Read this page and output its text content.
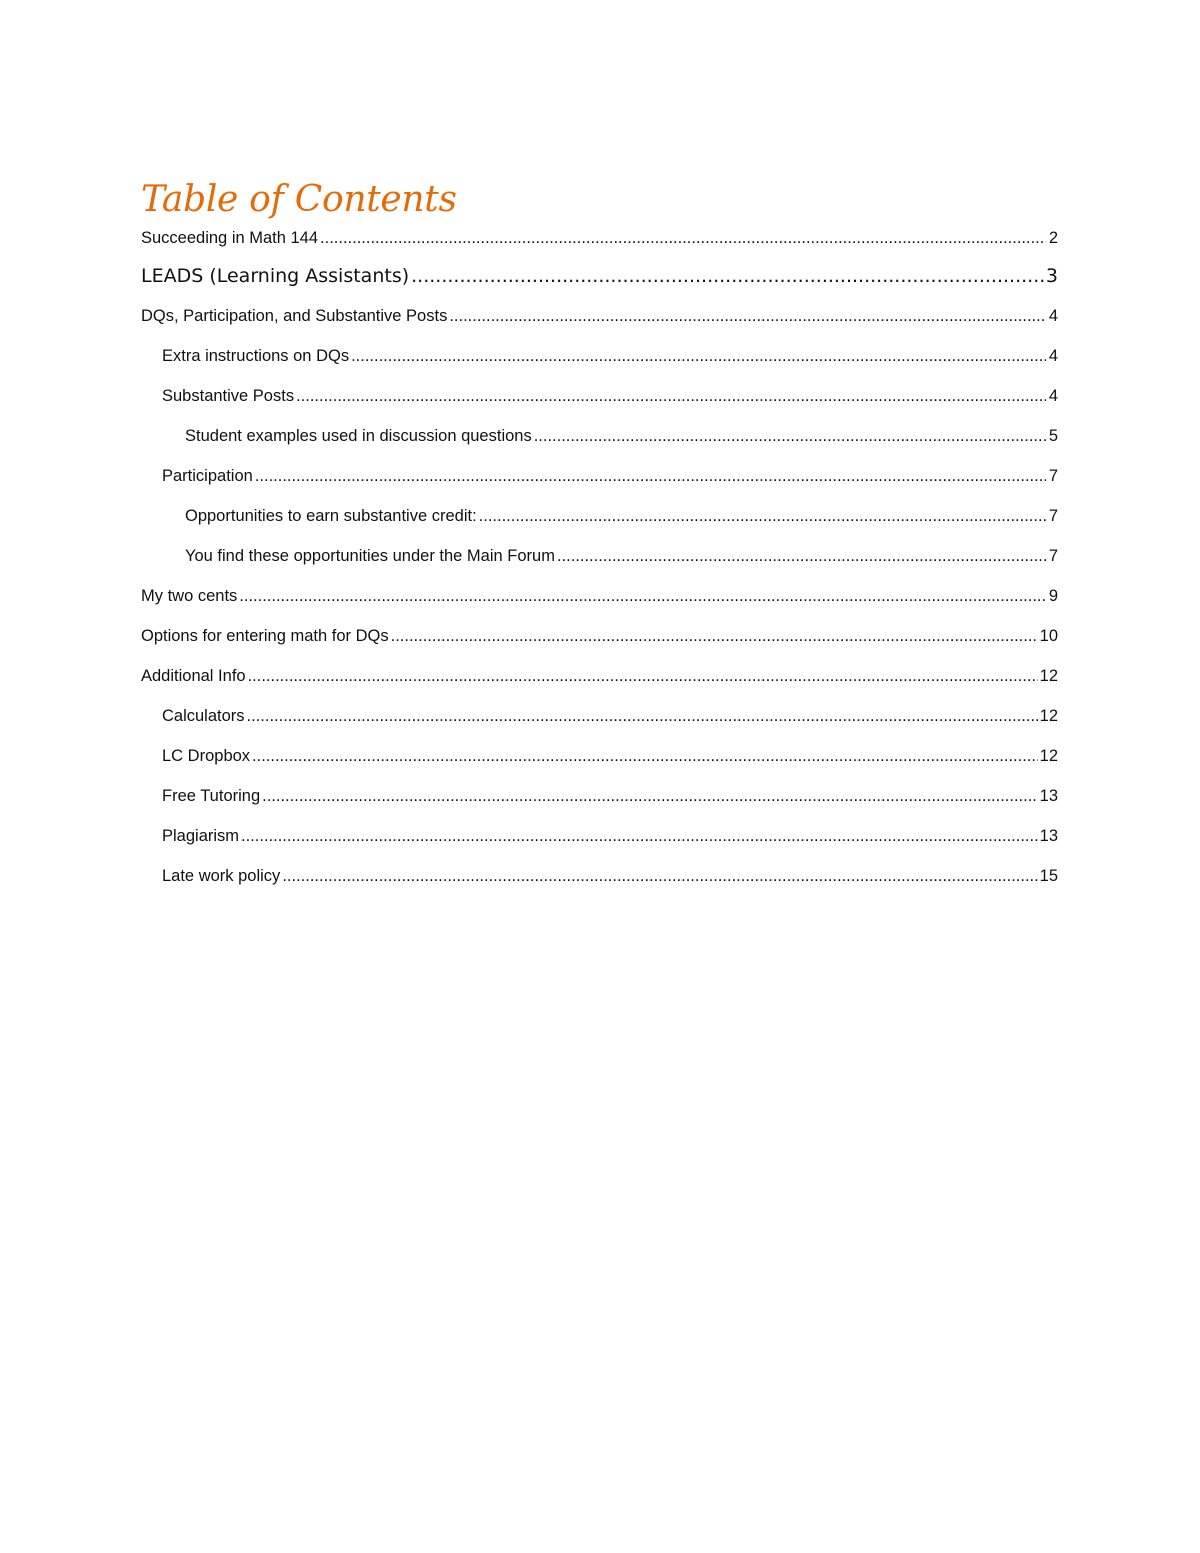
Table of Contents
Succeeding in Math 144 .....	2
LEADS (Learning Assistants) .....	3
DQs, Participation, and Substantive Posts .....	4
Extra instructions on DQs .....	4
Substantive Posts .....	4
Student examples used in discussion questions .....	5
Participation .....	7
Opportunities to earn substantive credit: .....	7
You find these opportunities under the Main Forum .....	7
My two cents .....	9
Options for entering math for DQs .....	10
Additional Info .....	12
Calculators .....	12
LC Dropbox .....	12
Free Tutoring .....	13
Plagiarism .....	13
Late work policy .....	15
